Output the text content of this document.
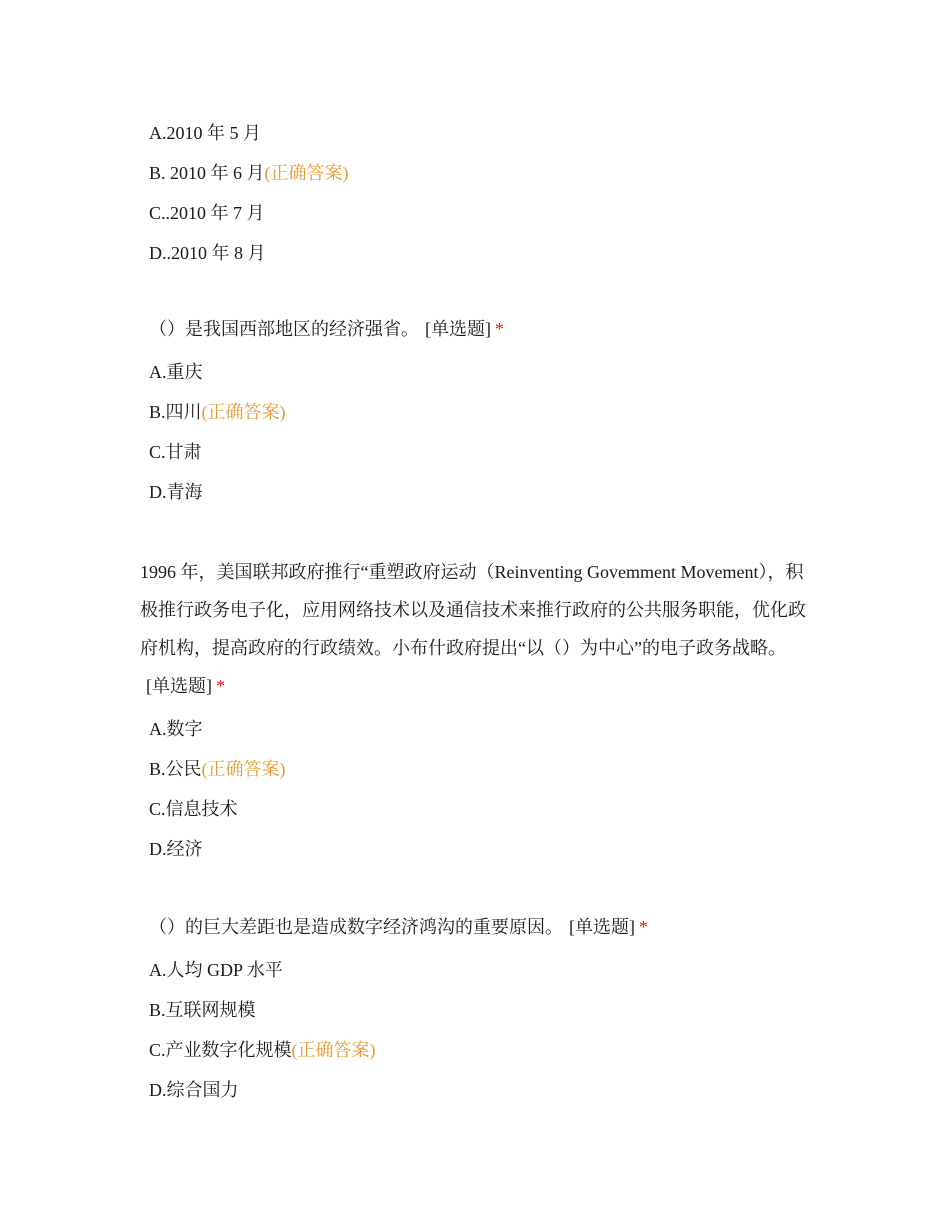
A.2010 年 5 月
B. 2010 年 6 月(正确答案)
C..2010 年 7 月
D..2010 年 8 月

（）是我国西部地区的经济强省。 [单选题] *

A.重庆
B.四川(正确答案)
C.甘肃
D.青海

1996 年，美国联邦政府推行“重塑政府运动（Reinventing Govemment Movement），积极推行政务电子化，应用网络技术以及通信技术来推行政府的公共服务职能，优化政府机构，提高政府的行政绩效。小布什政府提出“以（）为中心”的电子政务战略。[单选题] *

A.数字
B.公民(正确答案)
C.信息技术
D.经济

（）的巨大差距也是造成数字经济鸿沟的重要原因。 [单选题] *

A.人均 GDP 水平
B.互联网规模
C.产业数字化规模(正确答案)
D.综合国力
